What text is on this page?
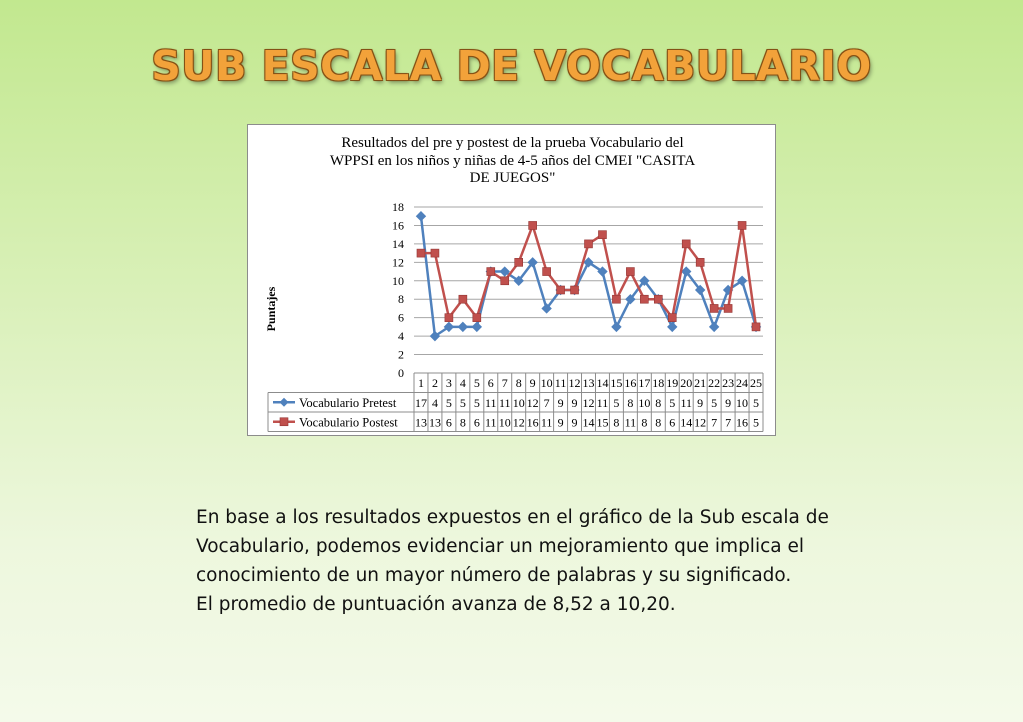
SUB ESCALA DE VOCABULARIO
Resultados del pre y postest de la prueba Vocabulario del
WPPSI en los niños y niñas de 4-5 años del CMEI "CASITA
DE JUEGOS"
Puntajes
0
2
4
6
8
10
12
14
16
18
1 2 3 4 5 6 7 8 9 10 11 12 13 14 15 16 17 18 19 20 21 22 23 24 25
Vocabulario Pretest 17 4 5 5 5 11 11 10 12 7 9 9 12 11 5 8 10 8 5 11 9 5 9 10 5
Vocabulario Postest 13 13 6 8 6 11 10 12 16 11 9 9 14 15 8 11 8 8 6 14 12 7 7 16 5

En base a los resultados expuestos en el gráfico de la Sub escala de Vocabulario, podemos evidenciar un mejoramiento que implica el conocimiento de un mayor número de palabras y su significado.

El promedio de puntuación avanza de 8,52 a 10,20.
